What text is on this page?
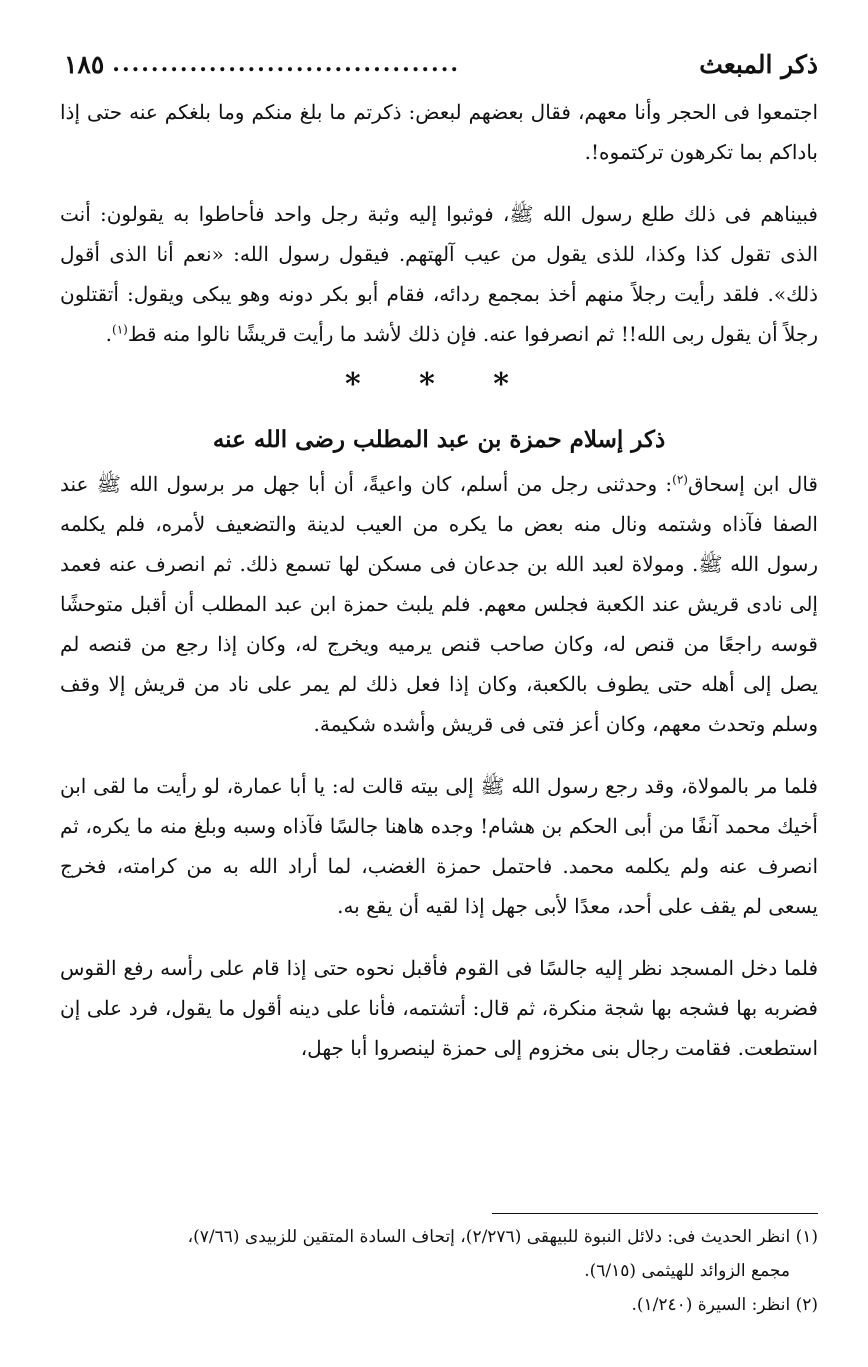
ذكر المبعث
....................................
١٨٥

اجتمعوا فى الحجر وأنا معهم، فقال بعضهم لبعض: ذكرتم ما بلغ منكم وما بلغكم عنه حتى إذا باداكم بما تكرهون تركتموه!.

فبيناهم فى ذلك طلع رسول الله ﷺ، فوثبوا إليه وثبة رجل واحد فأحاطوا به يقولون: أنت الذى تقول كذا وكذا، للذى يقول من عيب آلهتهم. فيقول رسول الله: «نعم أنا الذى أقول ذلك». فلقد رأيت رجلاً منهم أخذ بمجمع ردائه، فقام أبو بكر دونه وهو يبكى ويقول: أتقتلون رجلاً أن يقول ربى الله!! ثم انصرفوا عنه. فإن ذلك لأشد ما رأيت قريشًا نالوا منه قط$^{(١)}$.

* * *
ذكر إسلام حمزة بن عبد المطلب رضى الله عنه

قال ابن إسحاق$^{(٢)}$: وحدثنى رجل من أسلم، كان واعيةً، أن أبا جهل مر برسول الله ﷺ عند الصفا فآذاه وشتمه ونال منه بعض ما يكره من العيب لدينة والتضعيف لأمره، فلم يكلمه رسول الله ﷺ. ومولاة لعبد الله بن جدعان فى مسكن لها تسمع ذلك. ثم انصرف عنه فعمد إلى نادى قريش عند الكعبة فجلس معهم. فلم يلبث حمزة ابن عبد المطلب أن أقبل متوحشًا قوسه راجعًا من قنص له، وكان صاحب قنص يرميه ويخرج له، وكان إذا رجع من قنصه لم يصل إلى أهله حتى يطوف بالكعبة، وكان إذا فعل ذلك لم يمر على ناد من قريش إلا وقف وسلم وتحدث معهم، وكان أعز فتى فى قريش وأشده شكيمة.

فلما مر بالمولاة، وقد رجع رسول الله ﷺ إلى بيته قالت له: يا أبا عمارة، لو رأيت ما لقى ابن أخيك محمد آنفًا من أبى الحكم بن هشام! وجده هاهنا جالسًا فآذاه وسبه وبلغ منه ما يكره، ثم انصرف عنه ولم يكلمه محمد. فاحتمل حمزة الغضب، لما أراد الله به من كرامته، فخرج يسعى لم يقف على أحد، معدًا لأبى جهل إذا لقيه أن يقع به.

فلما دخل المسجد نظر إليه جالسًا فى القوم فأقبل نحوه حتى إذا قام على رأسه رفع القوس فضربه بها فشجه بها شجة منكرة، ثم قال: أتشتمه، فأنا على دينه أقول ما يقول، فرد على إن استطعت. فقامت رجال بنى مخزوم إلى حمزة لينصروا أبا جهل،

(١) انظر الحديث فى: دلائل النبوة للبيهقى (٢/٢٧٦)، إتحاف السادة المتقين للزبيدى (٧/٦٦)،

مجمع الزوائد للهيثمى (٦/١٥).

(٢) انظر: السيرة (١/٢٤٠).
